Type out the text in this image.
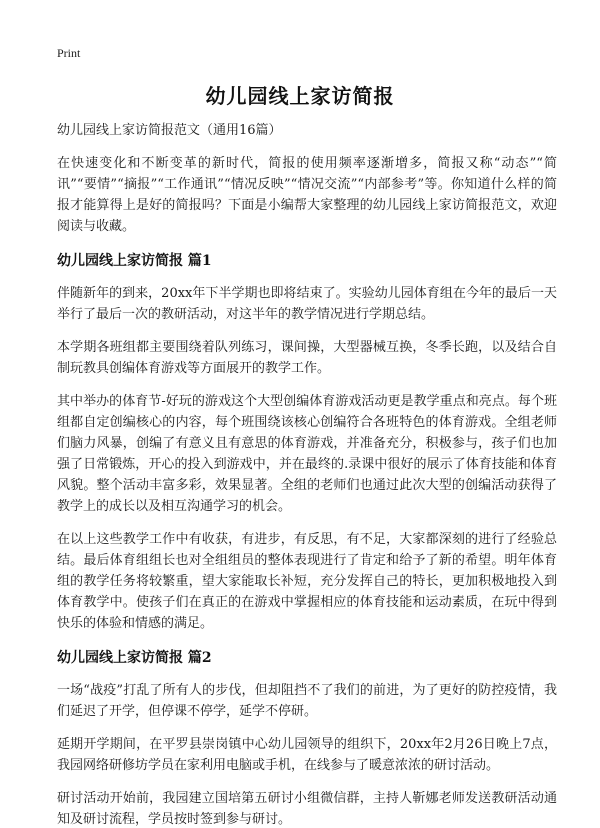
Print
幼儿园线上家访简报

幼儿园线上家访简报范文（通用16篇）

在快速变化和不断变革的新时代，简报的使用频率逐渐增多，简报又称“动态”“简讯”“要情”“摘报”“工作通讯”“情况反映”“情况交流”“内部参考”等。你知道什么样的简报才能算得上是好的简报吗？下面是小编帮大家整理的幼儿园线上家访简报范文，欢迎阅读与收藏。

幼儿园线上家访简报 篇1

伴随新年的到来，20xx年下半学期也即将结束了。实验幼儿园体育组在今年的最后一天举行了最后一次的教研活动，对这半年的教学情况进行学期总结。

本学期各班组都主要围绕着队列练习，课间操，大型器械互换，冬季长跑，以及结合自制玩教具创编体育游戏等方面展开的教学工作。

其中举办的体育节-好玩的游戏这个大型创编体育游戏活动更是教学重点和亮点。每个班组都自定创编核心的内容，每个班围绕该核心创编符合各班特色的体育游戏。全组老师们脑力风暴，创编了有意义且有意思的体育游戏，并准备充分，积极参与，孩子们也加强了日常锻炼，开心的投入到游戏中，并在最终的.录课中很好的展示了体育技能和体育风貌。整个活动丰富多彩，效果显著。全组的老师们也通过此次大型的创编活动获得了教学上的成长以及相互沟通学习的机会。

在以上这些教学工作中有收获，有进步，有反思，有不足，大家都深刻的进行了经验总结。最后体育组组长也对全组组员的整体表现进行了肯定和给予了新的希望。明年体育组的教学任务将较繁重，望大家能取长补短，充分发挥自己的特长，更加积极地投入到体育教学中。使孩子们在真正的在游戏中掌握相应的体育技能和运动素质，在玩中得到快乐的体验和情感的满足。

幼儿园线上家访简报 篇2

一场“战疫”打乱了所有人的步伐，但却阻挡不了我们的前进，为了更好的防控疫情，我们延迟了开学，但停课不停学，延学不停研。

延期开学期间，在平罗县崇岗镇中心幼儿园领导的组织下，20xx年2月26日晚上7点，我园网络研修坊学员在家利用电脑或手机，在线参与了暖意浓浓的研讨活动。

研讨活动开始前，我园建立国培第五研讨小组微信群，主持人靳娜老师发送教研活动通知及研讨流程，学员按时签到参与研讨。
